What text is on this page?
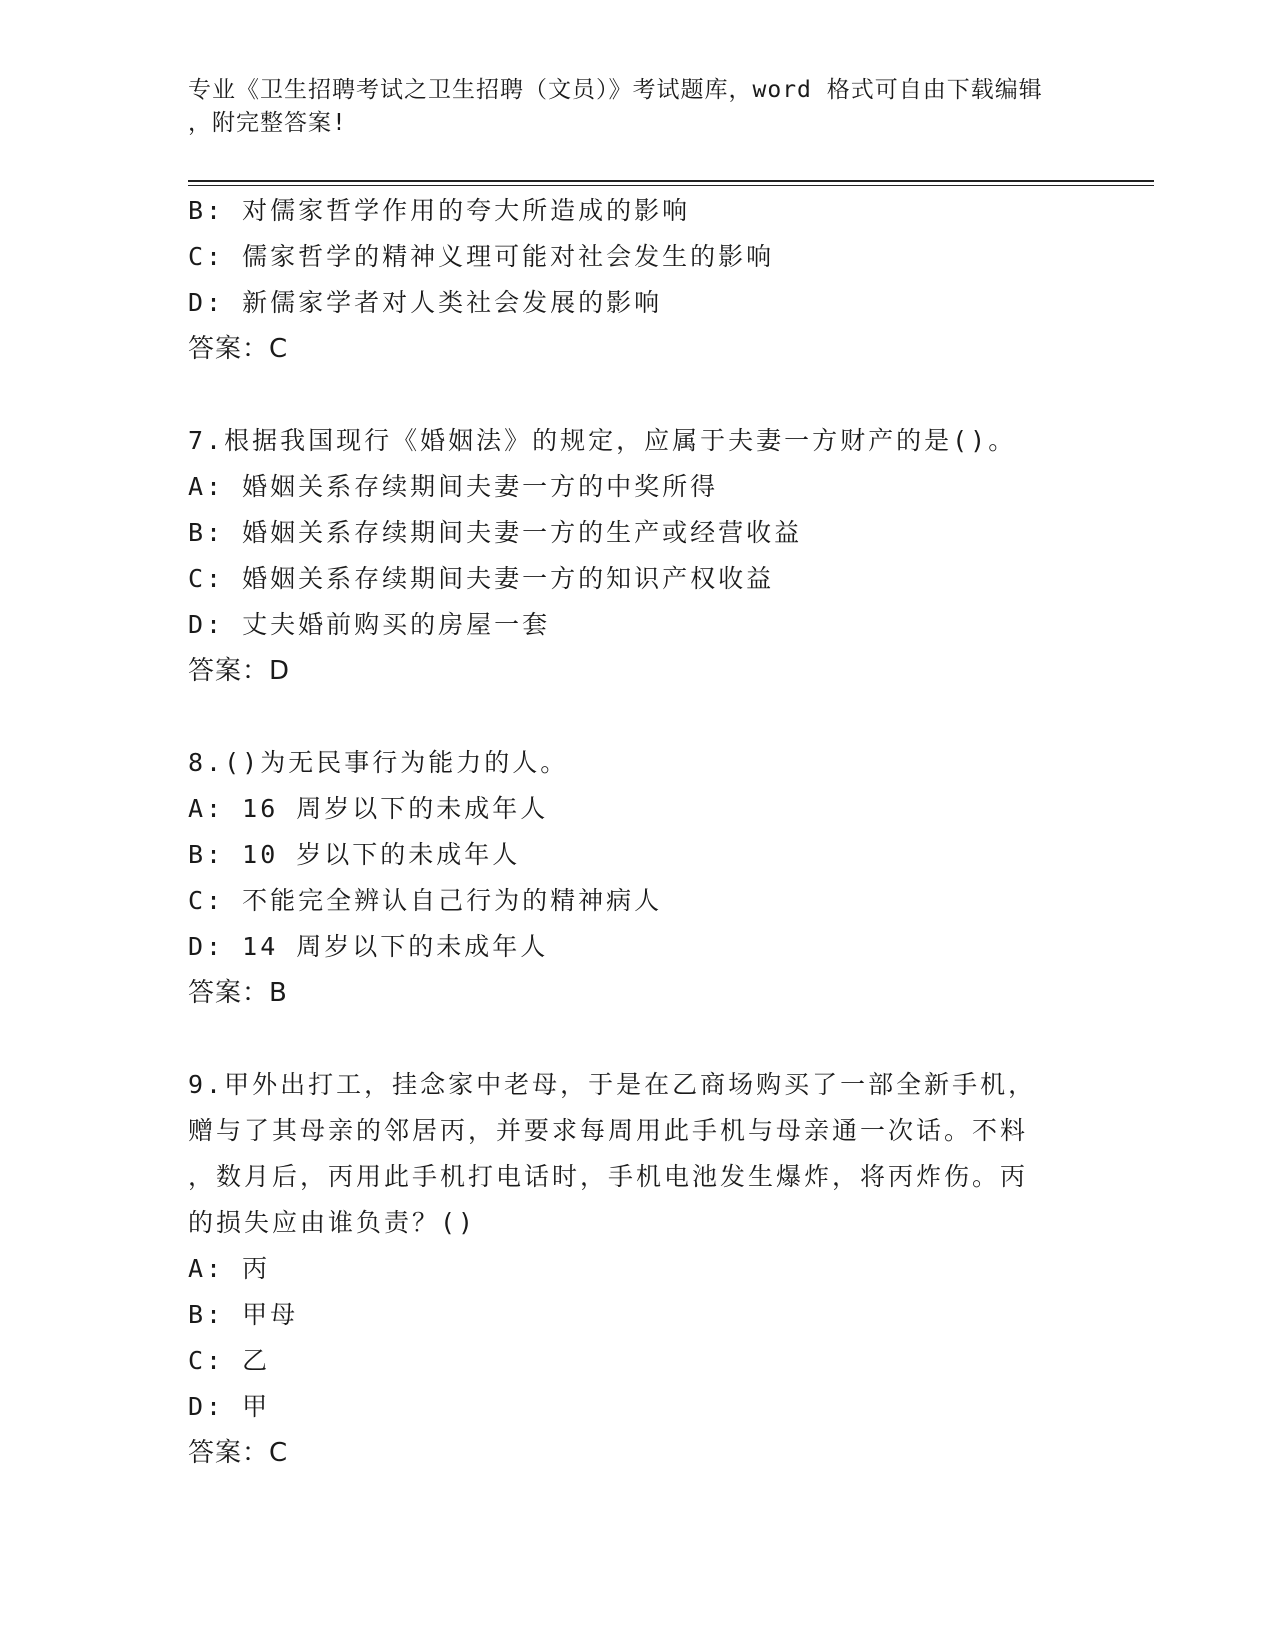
专业《卫生招聘考试之卫生招聘（文员）》考试题库，word 格式可自由下载编辑
，附完整答案!
B: 对儒家哲学作用的夸大所造成的影响
C: 儒家哲学的精神义理可能对社会发生的影响
D: 新儒家学者对人类社会发展的影响
答案：C
7.根据我国现行《婚姻法》的规定，应属于夫妻一方财产的是()。
A: 婚姻关系存续期间夫妻一方的中奖所得
B: 婚姻关系存续期间夫妻一方的生产或经营收益
C: 婚姻关系存续期间夫妻一方的知识产权收益
D: 丈夫婚前购买的房屋一套
答案：D
8.()为无民事行为能力的人。
A: 16 周岁以下的未成年人
B: 10 岁以下的未成年人
C: 不能完全辨认自己行为的精神病人
D: 14 周岁以下的未成年人
答案：B
9.甲外出打工，挂念家中老母，于是在乙商场购买了一部全新手机，
赠与了其母亲的邻居丙，并要求每周用此手机与母亲通一次话。不料
，数月后，丙用此手机打电话时，手机电池发生爆炸，将丙炸伤。丙
的损失应由谁负责？()
A: 丙
B: 甲母
C: 乙
D: 甲
答案：C
